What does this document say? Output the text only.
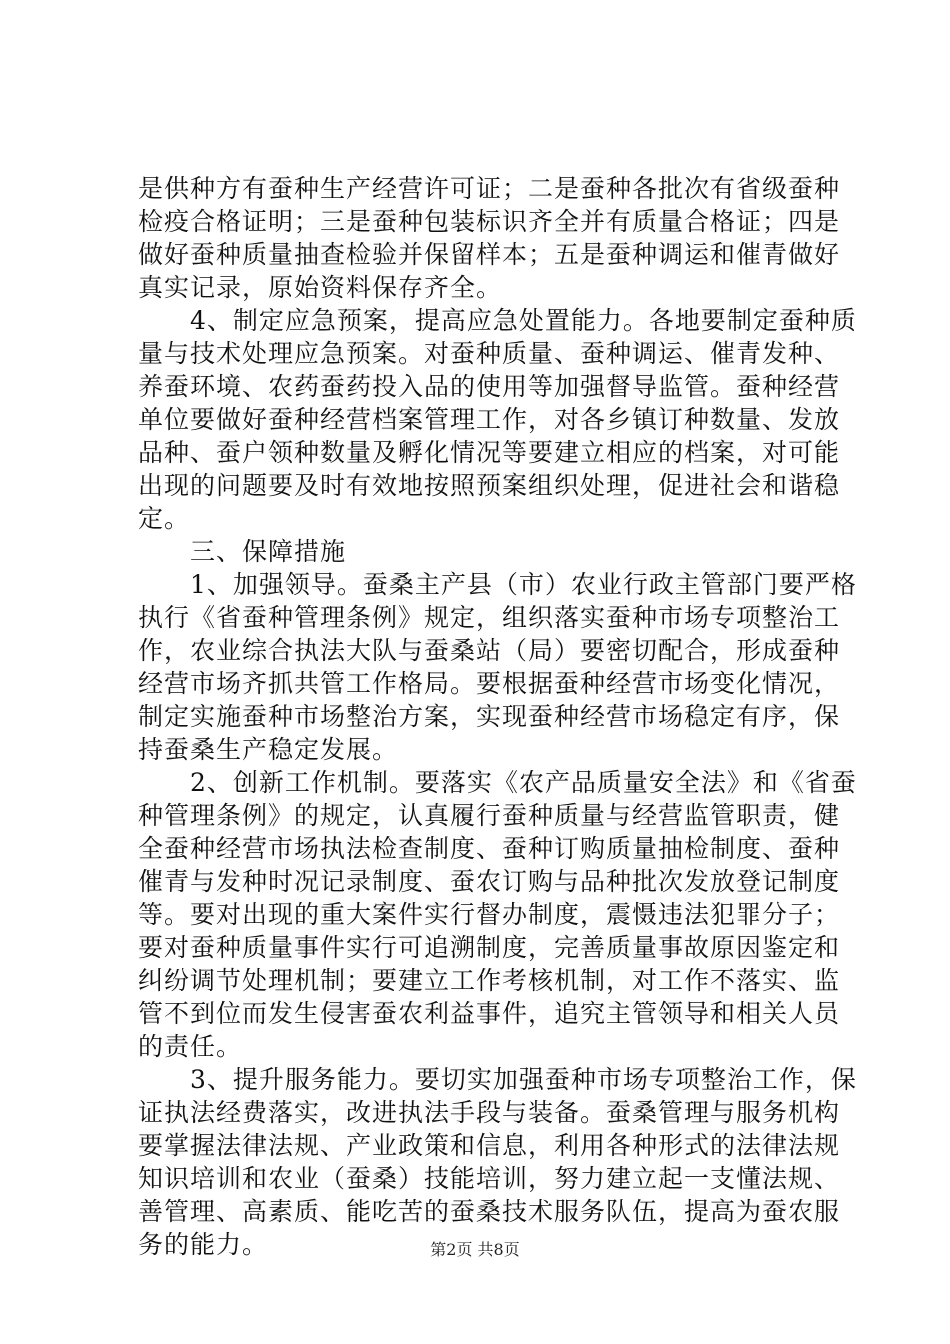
是供种方有蚕种生产经营许可证；二是蚕种各批次有省级蚕种
检疫合格证明；三是蚕种包装标识齐全并有质量合格证；四是
做好蚕种质量抽查检验并保留样本；五是蚕种调运和催青做好
真实记录，原始资料保存齐全。
　　4、制定应急预案，提高应急处置能力。各地要制定蚕种质
量与技术处理应急预案。对蚕种质量、蚕种调运、催青发种、
养蚕环境、农药蚕药投入品的使用等加强督导监管。蚕种经营
单位要做好蚕种经营档案管理工作，对各乡镇订种数量、发放
品种、蚕户领种数量及孵化情况等要建立相应的档案，对可能
出现的问题要及时有效地按照预案组织处理，促进社会和谐稳
定。
　　三、保障措施
　　1、加强领导。蚕桑主产县（市）农业行政主管部门要严格
执行《省蚕种管理条例》规定，组织落实蚕种市场专项整治工
作，农业综合执法大队与蚕桑站（局）要密切配合，形成蚕种
经营市场齐抓共管工作格局。要根据蚕种经营市场变化情况，
制定实施蚕种市场整治方案，实现蚕种经营市场稳定有序，保
持蚕桑生产稳定发展。
　　2、创新工作机制。要落实《农产品质量安全法》和《省蚕
种管理条例》的规定，认真履行蚕种质量与经营监管职责，健
全蚕种经营市场执法检查制度、蚕种订购质量抽检制度、蚕种
催青与发种时况记录制度、蚕农订购与品种批次发放登记制度
等。要对出现的重大案件实行督办制度，震慑违法犯罪分子；
要对蚕种质量事件实行可追溯制度，完善质量事故原因鉴定和
纠纷调节处理机制；要建立工作考核机制，对工作不落实、监
管不到位而发生侵害蚕农利益事件，追究主管领导和相关人员
的责任。
　　3、提升服务能力。要切实加强蚕种市场专项整治工作，保
证执法经费落实，改进执法手段与装备。蚕桑管理与服务机构
要掌握法律法规、产业政策和信息，利用各种形式的法律法规
知识培训和农业（蚕桑）技能培训，努力建立起一支懂法规、
善管理、高素质、能吃苦的蚕桑技术服务队伍，提高为蚕农服
务的能力。	第2页 共8页
